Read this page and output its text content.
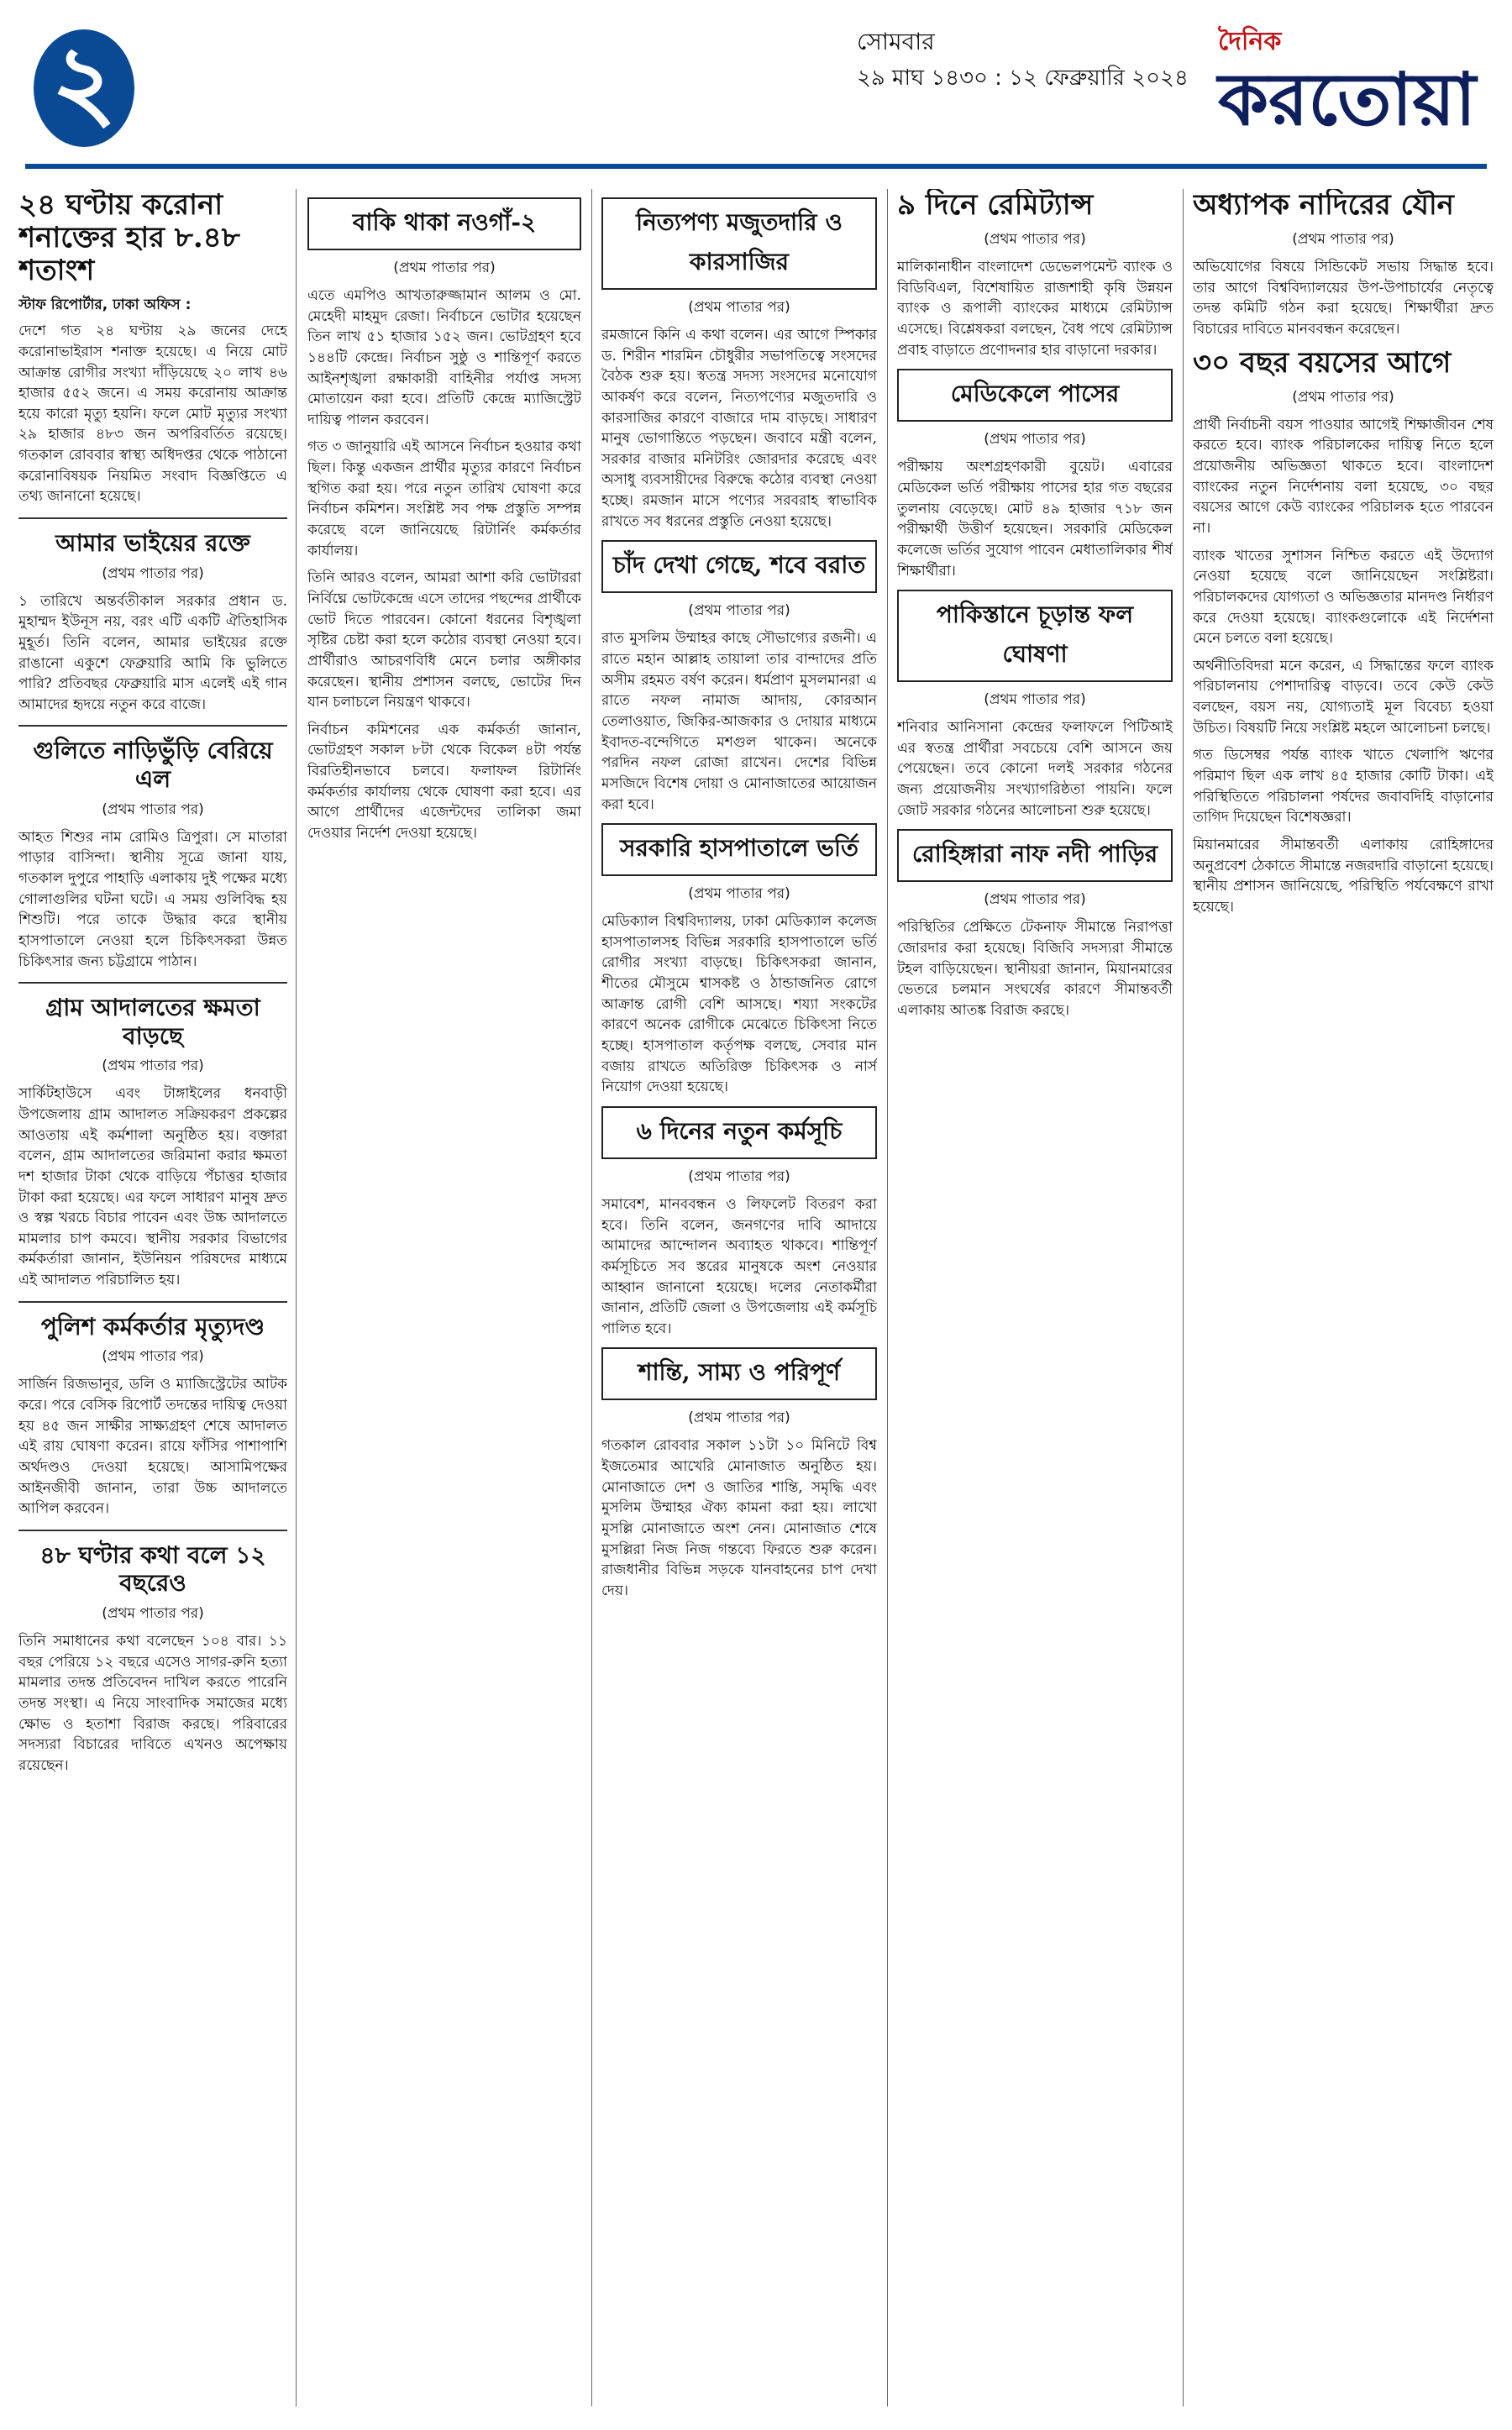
২	সোমবার
২৯ মাঘ ১৪৩০ : ১২ ফেব্রুয়ারি ২০২৪
দৈনিক
করতোয়া
২৪ ঘণ্টায় করোনা শনাক্তের হার ৮.৪৮ শতাংশ
স্টাফ রিপোর্টার, ঢাকা অফিস :

দেশে গত ২৪ ঘণ্টায় ২৯ জনের দেহে করোনাভাইরাস শনাক্ত হয়েছে। এ নিয়ে মোট আক্রান্ত রোগীর সংখ্যা দাঁড়িয়েছে ২০ লাখ ৪৬ হাজার ৫৫২ জনে। এ সময় করোনায় আক্রান্ত হয়ে কারো মৃত্যু হয়নি। ফলে মোট মৃত্যুর সংখ্যা ২৯ হাজার ৪৮৩ জন অপরিবর্তিত রয়েছে। গতকাল রোববার স্বাস্থ্য অধিদপ্তর থেকে পাঠানো করোনাবিষয়ক নিয়মিত সংবাদ বিজ্ঞপ্তিতে এ তথ্য জানানো হয়েছে।

আমার ভাইয়ের রক্তে
(প্রথম পাতার পর)

১ তারিখে অন্তর্বতীকাল সরকার প্রধান ড. মুহাম্মদ ইউনূস নয়, বরং এটি একটি ঐতিহাসিক মুহূর্ত। তিনি বলেন, আমার ভাইয়ের রক্তে রাঙানো একুশে ফেব্রুয়ারি আমি কি ভুলিতে পারি? প্রতিবছর ফেব্রুয়ারি মাস এলেই এই গান আমাদের হৃদয়ে নতুন করে বাজে।

গুলিতে নাড়িভুঁড়ি বেরিয়ে এল
(প্রথম পাতার পর)

আহত শিশুর নাম রোমিও ত্রিপুরা। সে মাতারা পাড়ার বাসিন্দা। স্থানীয় সূত্রে জানা যায়, গতকাল দুপুরে পাহাড়ি এলাকায় দুই পক্ষের মধ্যে গোলাগুলির ঘটনা ঘটে। এ সময় গুলিবিদ্ধ হয় শিশুটি। পরে তাকে উদ্ধার করে স্থানীয় হাসপাতালে নেওয়া হলে চিকিৎসকরা উন্নত চিকিৎসার জন্য চট্টগ্রামে পাঠান।

গ্রাম আদালতের ক্ষমতা বাড়ছে
(প্রথম পাতার পর)

সার্কিটহাউসে এবং টাঙ্গাইলের ধনবাড়ী উপজেলায় গ্রাম আদালত সক্রিয়করণ প্রকল্পের আওতায় এই কর্মশালা অনুষ্ঠিত হয়। বক্তারা বলেন, গ্রাম আদালতের জরিমানা করার ক্ষমতা দশ হাজার টাকা থেকে বাড়িয়ে পঁচাত্তর হাজার টাকা করা হয়েছে। এর ফলে সাধারণ মানুষ দ্রুত ও স্বল্প খরচে বিচার পাবেন এবং উচ্চ আদালতে মামলার চাপ কমবে। স্থানীয় সরকার বিভাগের কর্মকর্তারা জানান, ইউনিয়ন পরিষদের মাধ্যমে এই আদালত পরিচালিত হয়।

পুলিশ কর্মকর্তার মৃত্যুদণ্ড
(প্রথম পাতার পর)

সার্জিন রিজভানুর, ডলি ও ম্যাজিস্ট্রেটের আটক করে। পরে বেসিক রিপোর্ট তদন্তের দায়িত্ব দেওয়া হয় ৪৫ জন সাক্ষীর সাক্ষ্যগ্রহণ শেষে আদালত এই রায় ঘোষণা করেন। রায়ে ফাঁসির পাশাপাশি অর্থদণ্ডও দেওয়া হয়েছে। আসামিপক্ষের আইনজীবী জানান, তারা উচ্চ আদালতে আপিল করবেন।

৪৮ ঘণ্টার কথা বলে ১২ বছরেও
(প্রথম পাতার পর)

তিনি সমাধানের কথা বলেছেন ১০৪ বার। ১১ বছর পেরিয়ে ১২ বছরে এসেও সাগর-রুনি হত্যা মামলার তদন্ত প্রতিবেদন দাখিল করতে পারেনি তদন্ত সংস্থা। এ নিয়ে সাংবাদিক সমাজের মধ্যে ক্ষোভ ও হতাশা বিরাজ করছে। পরিবারের সদস্যরা বিচারের দাবিতে এখনও অপেক্ষায় রয়েছেন।

বাকি থাকা নওগাঁ-২
(প্রথম পাতার পর)

এতে এমপিও আখতারুজ্জামান আলম ও মো. মেহেদী মাহমুদ রেজা। নির্বাচনে ভোটার হয়েছেন তিন লাখ ৫১ হাজার ১৫২ জন। ভোটগ্রহণ হবে ১৪৪টি কেন্দ্রে। নির্বাচন সুষ্ঠু ও শান্তিপূর্ণ করতে আইনশৃঙ্খলা রক্ষাকারী বাহিনীর পর্যাপ্ত সদস্য মোতায়েন করা হবে। প্রতিটি কেন্দ্রে ম্যাজিস্ট্রেট দায়িত্ব পালন করবেন।

গত ৩ জানুয়ারি এই আসনে নির্বাচন হওয়ার কথা ছিল। কিন্তু একজন প্রার্থীর মৃত্যুর কারণে নির্বাচন স্থগিত করা হয়। পরে নতুন তারিখ ঘোষণা করে নির্বাচন কমিশন। সংশ্লিষ্ট সব পক্ষ প্রস্তুতি সম্পন্ন করেছে বলে জানিয়েছে রিটার্নিং কর্মকর্তার কার্যালয়।

তিনি আরও বলেন, আমরা আশা করি ভোটাররা নির্বিঘ্নে ভোটকেন্দ্রে এসে তাদের পছন্দের প্রার্থীকে ভোট দিতে পারবেন। কোনো ধরনের বিশৃঙ্খলা সৃষ্টির চেষ্টা করা হলে কঠোর ব্যবস্থা নেওয়া হবে। প্রার্থীরাও আচরণবিধি মেনে চলার অঙ্গীকার করেছেন। স্থানীয় প্রশাসন বলছে, ভোটের দিন যান চলাচলে নিয়ন্ত্রণ থাকবে।

নির্বাচন কমিশনের এক কর্মকর্তা জানান, ভোটগ্রহণ সকাল ৮টা থেকে বিকেল ৪টা পর্যন্ত বিরতিহীনভাবে চলবে। ফলাফল রিটার্নিং কর্মকর্তার কার্যালয় থেকে ঘোষণা করা হবে। এর আগে প্রার্থীদের এজেন্টদের তালিকা জমা দেওয়ার নির্দেশ দেওয়া হয়েছে।

নিত্যপণ্য মজুতদারি ও কারসাজির
(প্রথম পাতার পর)

রমজানে কিনি এ কথা বলেন। এর আগে স্পিকার ড. শিরীন শারমিন চৌধুরীর সভাপতিত্বে সংসদের বৈঠক শুরু হয়। স্বতন্ত্র সদস্য সংসদের মনোযোগ আকর্ষণ করে বলেন, নিত্যপণ্যের মজুতদারি ও কারসাজির কারণে বাজারে দাম বাড়ছে। সাধারণ মানুষ ভোগান্তিতে পড়ছেন। জবাবে মন্ত্রী বলেন, সরকার বাজার মনিটরিং জোরদার করেছে এবং অসাধু ব্যবসায়ীদের বিরুদ্ধে কঠোর ব্যবস্থা নেওয়া হচ্ছে। রমজান মাসে পণ্যের সরবরাহ স্বাভাবিক রাখতে সব ধরনের প্রস্তুতি নেওয়া হয়েছে।

চাঁদ দেখা গেছে, শবে বরাত
(প্রথম পাতার পর)

রাত মুসলিম উম্মাহর কাছে সৌভাগ্যের রজনী। এ রাতে মহান আল্লাহ তায়ালা তার বান্দাদের প্রতি অসীম রহমত বর্ষণ করেন। ধর্মপ্রাণ মুসলমানরা এ রাতে নফল নামাজ আদায়, কোরআন তেলাওয়াত, জিকির-আজকার ও দোয়ার মাধ্যমে ইবাদত-বন্দেগিতে মশগুল থাকেন। অনেকে পরদিন নফল রোজা রাখেন। দেশের বিভিন্ন মসজিদে বিশেষ দোয়া ও মোনাজাতের আয়োজন করা হবে।

সরকারি হাসপাতালে ভর্তি
(প্রথম পাতার পর)

মেডিক্যাল বিশ্ববিদ্যালয়, ঢাকা মেডিক্যাল কলেজ হাসপাতালসহ বিভিন্ন সরকারি হাসপাতালে ভর্তি রোগীর সংখ্যা বাড়ছে। চিকিৎসকরা জানান, শীতের মৌসুমে শ্বাসকষ্ট ও ঠান্ডাজনিত রোগে আক্রান্ত রোগী বেশি আসছে। শয্যা সংকটের কারণে অনেক রোগীকে মেঝেতে চিকিৎসা নিতে হচ্ছে। হাসপাতাল কর্তৃপক্ষ বলছে, সেবার মান বজায় রাখতে অতিরিক্ত চিকিৎসক ও নার্স নিয়োগ দেওয়া হয়েছে।

৬ দিনের নতুন কর্মসূচি
(প্রথম পাতার পর)

সমাবেশ, মানববন্ধন ও লিফলেট বিতরণ করা হবে। তিনি বলেন, জনগণের দাবি আদায়ে আমাদের আন্দোলন অব্যাহত থাকবে। শান্তিপূর্ণ কর্মসূচিতে সব স্তরের মানুষকে অংশ নেওয়ার আহ্বান জানানো হয়েছে। দলের নেতাকর্মীরা জানান, প্রতিটি জেলা ও উপজেলায় এই কর্মসূচি পালিত হবে।

শান্তি, সাম্য ও পরিপূর্ণ
(প্রথম পাতার পর)

গতকাল রোববার সকাল ১১টা ১০ মিনিটে বিশ্ব ইজতেমার আখেরি মোনাজাত অনুষ্ঠিত হয়। মোনাজাতে দেশ ও জাতির শান্তি, সমৃদ্ধি এবং মুসলিম উম্মাহর ঐক্য কামনা করা হয়। লাখো মুসল্লি মোনাজাতে অংশ নেন। মোনাজাত শেষে মুসল্লিরা নিজ নিজ গন্তব্যে ফিরতে শুরু করেন। রাজধানীর বিভিন্ন সড়কে যানবাহনের চাপ দেখা দেয়।

৯ দিনে রেমিট্যান্স
(প্রথম পাতার পর)

মালিকানাধীন বাংলাদেশ ডেভেলপমেন্ট ব্যাংক ও বিডিবিএল, বিশেষায়িত রাজশাহী কৃষি উন্নয়ন ব্যাংক ও রূপালী ব্যাংকের মাধ্যমে রেমিট্যান্স এসেছে। বিশ্লেষকরা বলছেন, বৈধ পথে রেমিট্যান্স প্রবাহ বাড়াতে প্রণোদনার হার বাড়ানো দরকার।

মেডিকেলে পাসের
(প্রথম পাতার পর)

পরীক্ষায় অংশগ্রহণকারী বুয়েট। এবারের মেডিকেল ভর্তি পরীক্ষায় পাসের হার গত বছরের তুলনায় বেড়েছে। মোট ৪৯ হাজার ৭১৮ জন পরীক্ষার্থী উত্তীর্ণ হয়েছেন। সরকারি মেডিকেল কলেজে ভর্তির সুযোগ পাবেন মেধাতালিকার শীর্ষ শিক্ষার্থীরা।

পাকিস্তানে চূড়ান্ত ফল ঘোষণা
(প্রথম পাতার পর)

শনিবার আনিসানা কেন্দ্রের ফলাফলে পিটিআই এর স্বতন্ত্র প্রার্থীরা সবচেয়ে বেশি আসনে জয় পেয়েছেন। তবে কোনো দলই সরকার গঠনের জন্য প্রয়োজনীয় সংখ্যাগরিষ্ঠতা পায়নি। ফলে জোট সরকার গঠনের আলোচনা শুরু হয়েছে।

রোহিঙ্গারা নাফ নদী পাড়ির
(প্রথম পাতার পর)

পরিস্থিতির প্রেক্ষিতে টেকনাফ সীমান্তে নিরাপত্তা জোরদার করা হয়েছে। বিজিবি সদস্যরা সীমান্তে টহল বাড়িয়েছেন। স্থানীয়রা জানান, মিয়ানমারের ভেতরে চলমান সংঘর্ষের কারণে সীমান্তবর্তী এলাকায় আতঙ্ক বিরাজ করছে।

অধ্যাপক নাদিরের যৌন
(প্রথম পাতার পর)

অভিযোগের বিষয়ে সিন্ডিকেট সভায় সিদ্ধান্ত হবে। তার আগে বিশ্ববিদ্যালয়ের উপ-উপাচার্যের নেতৃত্বে তদন্ত কমিটি গঠন করা হয়েছে। শিক্ষার্থীরা দ্রুত বিচারের দাবিতে মানববন্ধন করেছেন।

৩০ বছর বয়সের আগে
(প্রথম পাতার পর)

প্রার্থী নির্বাচনী বয়স পাওয়ার আগেই শিক্ষাজীবন শেষ করতে হবে। ব্যাংক পরিচালকের দায়িত্ব নিতে হলে প্রয়োজনীয় অভিজ্ঞতা থাকতে হবে। বাংলাদেশ ব্যাংকের নতুন নির্দেশনায় বলা হয়েছে, ৩০ বছর বয়সের আগে কেউ ব্যাংকের পরিচালক হতে পারবেন না।

ব্যাংক খাতের সুশাসন নিশ্চিত করতে এই উদ্যোগ নেওয়া হয়েছে বলে জানিয়েছেন সংশ্লিষ্টরা। পরিচালকদের যোগ্যতা ও অভিজ্ঞতার মানদণ্ড নির্ধারণ করে দেওয়া হয়েছে। ব্যাংকগুলোকে এই নির্দেশনা মেনে চলতে বলা হয়েছে।

অর্থনীতিবিদরা মনে করেন, এ সিদ্ধান্তের ফলে ব্যাংক পরিচালনায় পেশাদারিত্ব বাড়বে। তবে কেউ কেউ বলছেন, বয়স নয়, যোগ্যতাই মূল বিবেচ্য হওয়া উচিত। বিষয়টি নিয়ে সংশ্লিষ্ট মহলে আলোচনা চলছে।

গত ডিসেম্বর পর্যন্ত ব্যাংক খাতে খেলাপি ঋণের পরিমাণ ছিল এক লাখ ৪৫ হাজার কোটি টাকা। এই পরিস্থিতিতে পরিচালনা পর্ষদের জবাবদিহি বাড়ানোর তাগিদ দিয়েছেন বিশেষজ্ঞরা।

মিয়ানমারের সীমান্তবর্তী এলাকায় রোহিঙ্গাদের অনুপ্রবেশ ঠেকাতে সীমান্তে নজরদারি বাড়ানো হয়েছে। স্থানীয় প্রশাসন জানিয়েছে, পরিস্থিতি পর্যবেক্ষণে রাখা হয়েছে।
